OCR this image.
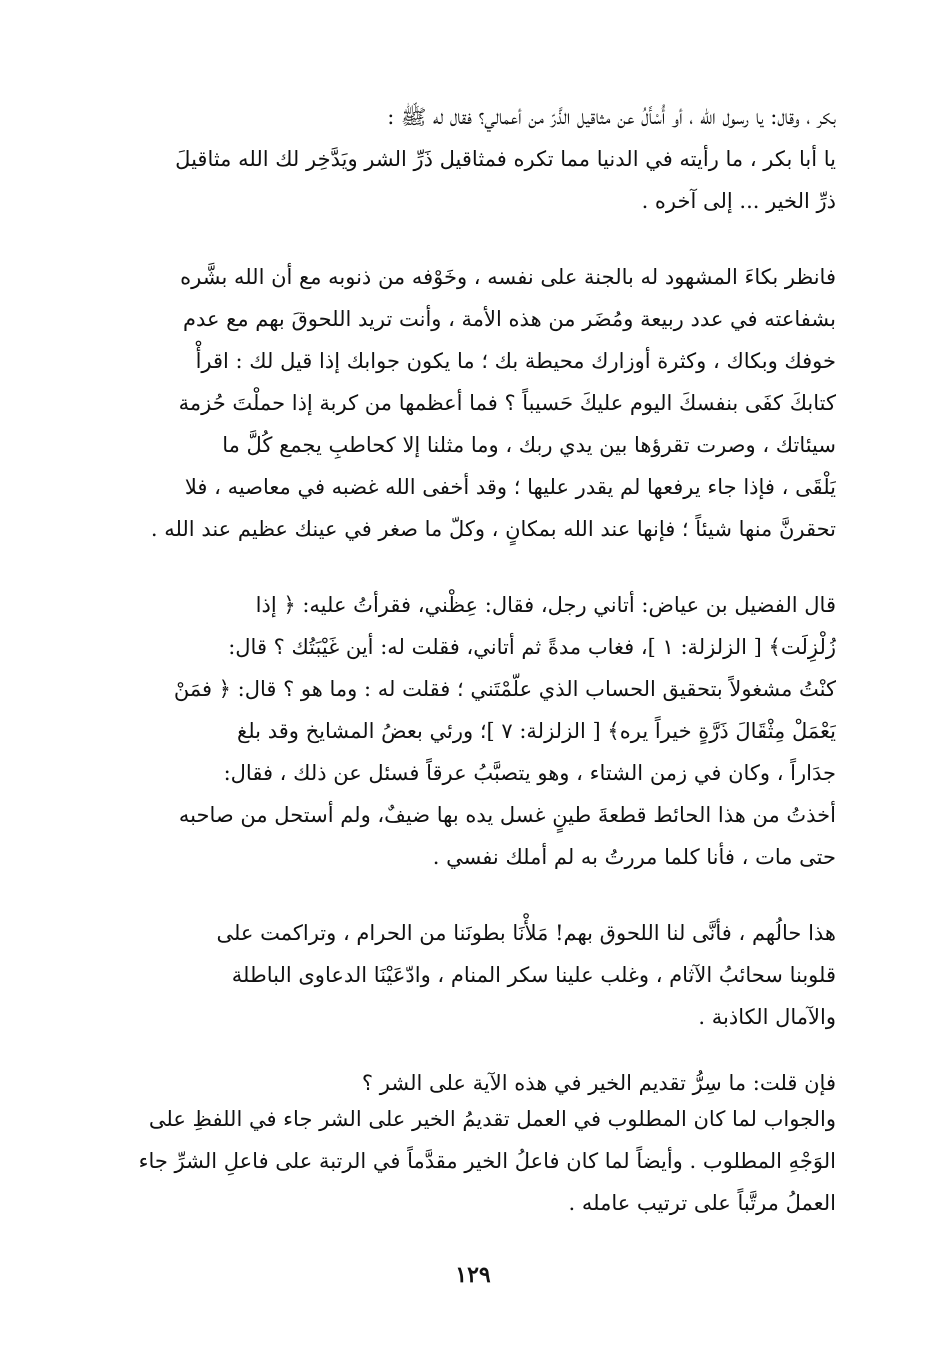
بكر ، وقال: يا رسول الله ، أو أُسْأَلُ عن مثاقيل الذَّرّ من أعمالي؟ فقال له ﷺ :
يا أبا بكر ، ما رأيته في الدنيا مما تكره فمثاقيل ذَرِّ الشر ويَدَّخِر لك الله مثاقيلَ
ذرِّ الخير ... إلى آخره .
فانظر بكاءَ المشهود له بالجنة على نفسه ، وخَوْفه من ذنوبه مع أن الله بشَّره
بشفاعته في عدد ربيعة ومُضَر من هذه الأمة ، وأنت تريد اللحوقَ بهم مع عدم
خوفك وبكاك ، وكثرة أوزارك محيطة بك ؛ ما يكون جوابك إذا قيل لك : اقرأْ
كتابكَ كفَى بنفسكَ اليوم عليكَ حَسيباً ؟ فما أعظمها من كربة إذا حملْتَ حُزمة
سيئاتك ، وصرت تقرؤها بين يدي ربك ، وما مثلنا إلا كحاطبِ يجمع كُلَّ ما
يَلْقَى ، فإذا جاء يرفعها لم يقدر عليها ؛ وقد أخفى الله غضبه في معاصيه ، فلا
تحقرنَّ منها شيئاً ؛ فإنها عند الله بمكانٍ ، وكلّ ما صغر في عينك عظيم عند الله .
قال الفضيل بن عياض: أتاني رجل، فقال: عِظْني، فقرأتُ عليه: ﴿ إذا
زُلْزِلَت﴾ [ الزلزلة: ١ ]، فغاب مدةً ثم أتاني، فقلت له: أين غَيْبَتُك ؟ قال:
كنْتُ مشغولاً بتحقيق الحساب الذي علّمْتَني ؛ فقلت له : وما هو ؟ قال: ﴿ فمَنْ
يَعْمَلْ مِثْقَالَ ذَرَّةٍ خيراً يره﴾ [ الزلزلة: ٧ ]؛ ورئي بعضُ المشايخ وقد بلغ
جدَاراً ، وكان في زمن الشتاء ، وهو يتصبَّبُ عرقاً فسئل عن ذلك ، فقال:
أخذتُ من هذا الحائط قطعةَ طينٍ غسل يده بها ضيفٌ، ولم أستحل من صاحبه
حتى مات ، فأنا كلما مررتُ به لم أملك نفسي .
هذا حالُهم ، فأنَّى لنا اللحوق بهم! مَلأْنَا بطونَنا من الحرام ، وتراكمت على
قلوبنا سحائبُ الآثام ، وغلب علينا سكر المنام ، وادّعَيْنَا الدعاوى الباطلة
والآمال الكاذبة .
فإن قلت: ما سِرُّ تقديم الخير في هذه الآية على الشر ؟
والجواب لما كان المطلوب في العمل تقديمُ الخير على الشر جاء في اللفظِ على
الوَجْهِ المطلوب . وأيضاً لما كان فاعلُ الخير مقدَّماً في الرتبة على فاعلِ الشرِّ جاء
العملُ مرتَّباً على ترتيب عامله .
١٢٩
